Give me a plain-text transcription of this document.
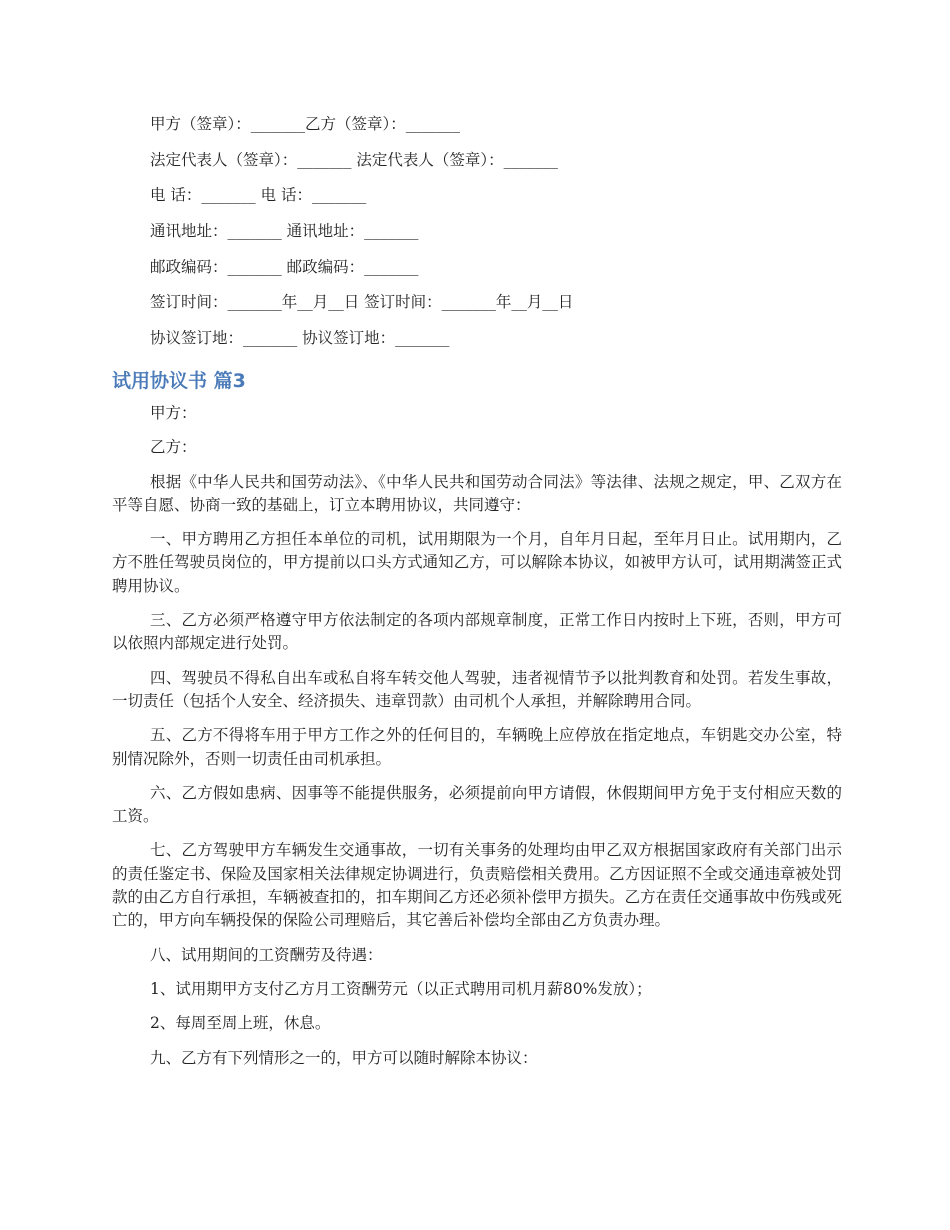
甲方（签章）：_______乙方（签章）：_______
法定代表人（签章）：_______ 法定代表人（签章）：_______
电 话：_______ 电 话：_______
通讯地址：_______ 通讯地址：_______
邮政编码：_______ 邮政编码：_______
签订时间：_______年__月__日 签订时间：_______年__月__日
协议签订地：_______ 协议签订地：_______
试用协议书 篇3

甲方：

乙方：

根据《中华人民共和国劳动法》、《中华人民共和国劳动合同法》等法律、法规之规定，甲、乙双方在平等自愿、协商一致的基础上，订立本聘用协议，共同遵守：

一、甲方聘用乙方担任本单位的司机，试用期限为一个月，自年月日起，至年月日止。试用期内，乙方不胜任驾驶员岗位的，甲方提前以口头方式通知乙方，可以解除本协议，如被甲方认可，试用期满签正式聘用协议。

三、乙方必须严格遵守甲方依法制定的各项内部规章制度，正常工作日内按时上下班，否则，甲方可以依照内部规定进行处罚。

四、驾驶员不得私自出车或私自将车转交他人驾驶，违者视情节予以批判教育和处罚。若发生事故，一切责任（包括个人安全、经济损失、违章罚款）由司机个人承担，并解除聘用合同。

五、乙方不得将车用于甲方工作之外的任何目的，车辆晚上应停放在指定地点，车钥匙交办公室，特别情况除外，否则一切责任由司机承担。

六、乙方假如患病、因事等不能提供服务，必须提前向甲方请假，休假期间甲方免于支付相应天数的工资。

七、乙方驾驶甲方车辆发生交通事故，一切有关事务的处理均由甲乙双方根据国家政府有关部门出示的责任鉴定书、保险及国家相关法律规定协调进行，负责赔偿相关费用。乙方因证照不全或交通违章被处罚款的由乙方自行承担，车辆被查扣的，扣车期间乙方还必须补偿甲方损失。乙方在责任交通事故中伤残或死亡的，甲方向车辆投保的保险公司理赔后，其它善后补偿均全部由乙方负责办理。

八、试用期间的工资酬劳及待遇：

1、试用期甲方支付乙方月工资酬劳元（以正式聘用司机月薪80%发放）；

2、每周至周上班，休息。

九、乙方有下列情形之一的，甲方可以随时解除本协议：
